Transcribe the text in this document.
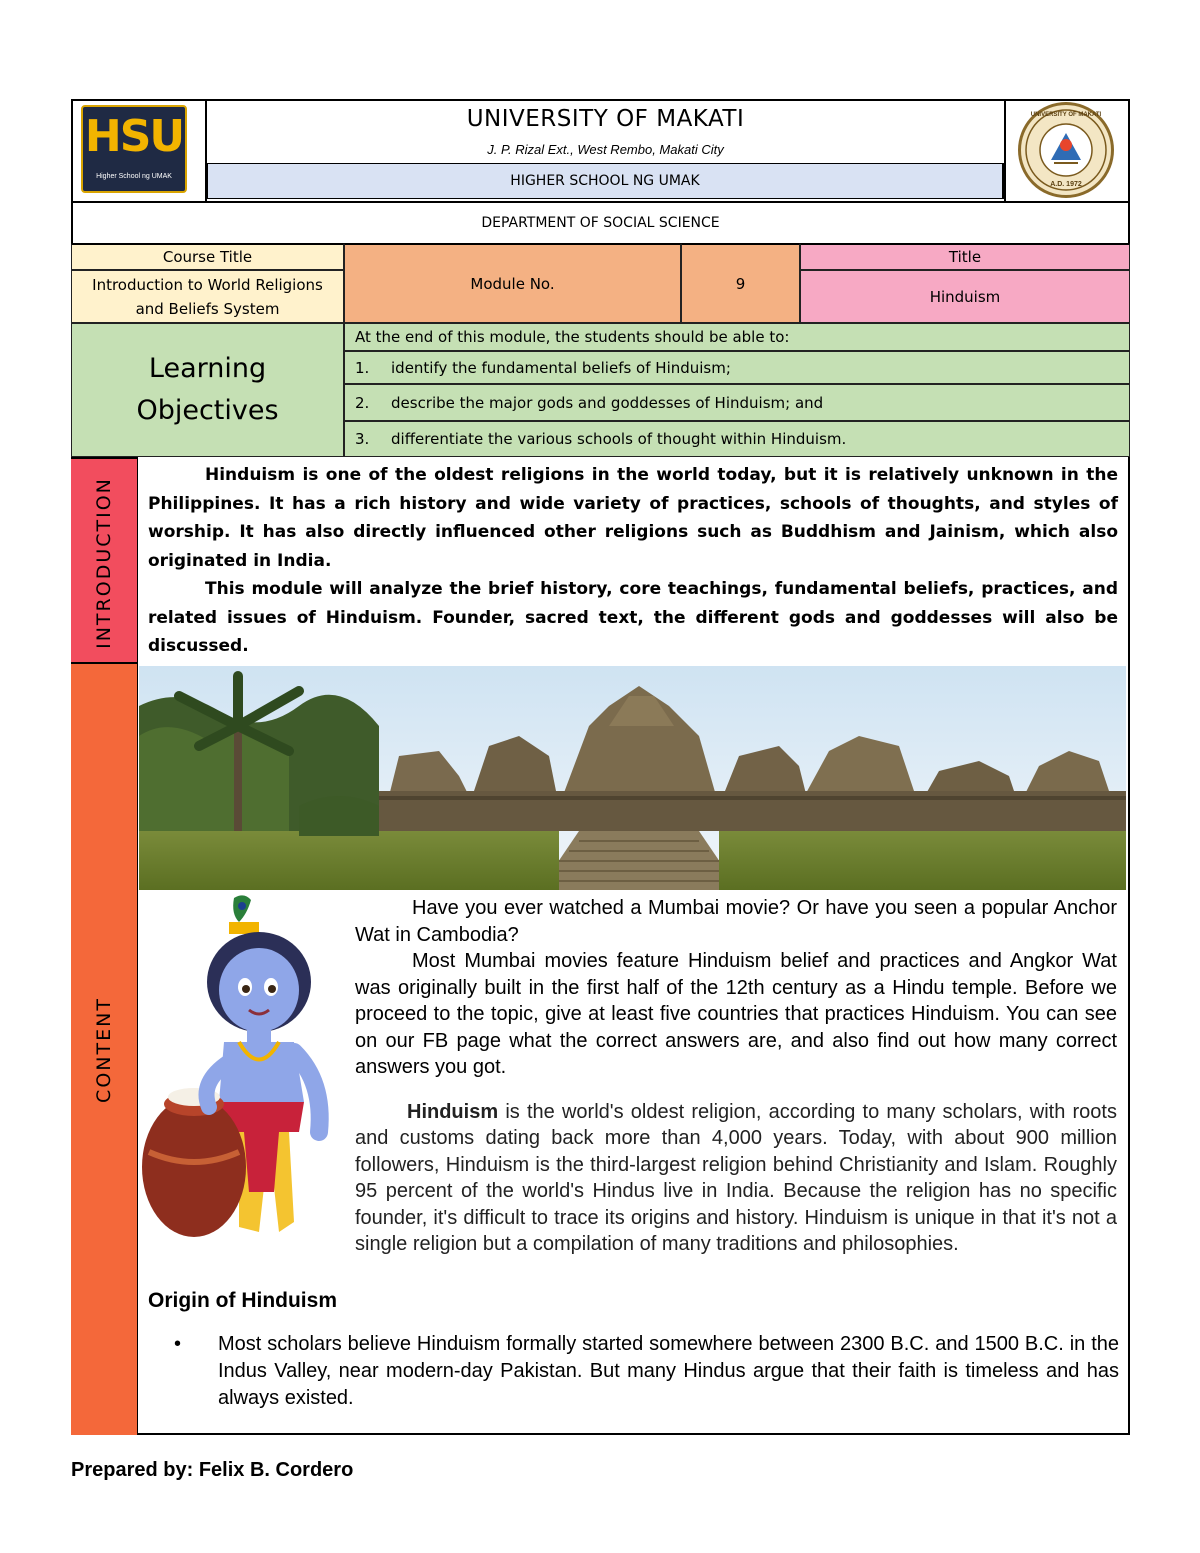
HSU
Higher School ng UMAK
UNIVERSITY OF MAKATI
J. P. Rizal Ext., West Rembo, Makati City
HIGHER SCHOOL NG UMAK
UNIVERSITY OF MAKATI
A.D. 1972
DEPARTMENT OF SOCIAL SCIENCE
Course Title
Introduction to World Religions and Beliefs System
Module No.	9
Title
Hinduism
Learning
Objectives
At the end of this module, the students should be able to:
1.	identify the fundamental beliefs of Hinduism;
2.	describe the major gods and goddesses of Hinduism; and
3.	differentiate the various schools of thought within Hinduism.
INTRODUCTION
Hinduism is one of the oldest religions in the world today, but it is relatively unknown in the Philippines. It has a rich history and wide variety of practices, schools of thoughts, and styles of worship. It has also directly influenced other religions such as Buddhism and Jainism, which also originated in India.
This module will analyze the brief history, core teachings, fundamental beliefs, practices, and related issues of Hinduism. Founder, sacred text, the different gods and goddesses will also be discussed.
CONTENT
Have you ever watched a Mumbai movie? Or have you seen a popular Anchor Wat in Cambodia?
Most Mumbai movies feature Hinduism belief and practices and Angkor Wat was originally built in the first half of the 12th century as a Hindu temple. Before we proceed to the topic, give at least five countries that practices Hinduism. You can see on our FB page what the correct answers are, and also find out how many correct answers you got.
Hinduism is the world's oldest religion, according to many scholars, with roots and customs dating back more than 4,000 years. Today, with about 900 million followers, Hinduism is the third-largest religion behind Christianity and Islam. Roughly 95 percent of the world's Hindus live in India. Because the religion has no specific founder, it's difficult to trace its origins and history. Hinduism is unique in that it's not a single religion but a compilation of many traditions and philosophies.
Origin of Hinduism
• Most scholars believe Hinduism formally started somewhere between 2300 B.C. and 1500 B.C. in the Indus Valley, near modern-day Pakistan. But many Hindus argue that their faith is timeless and has always existed.
Prepared by: Felix B. Cordero
